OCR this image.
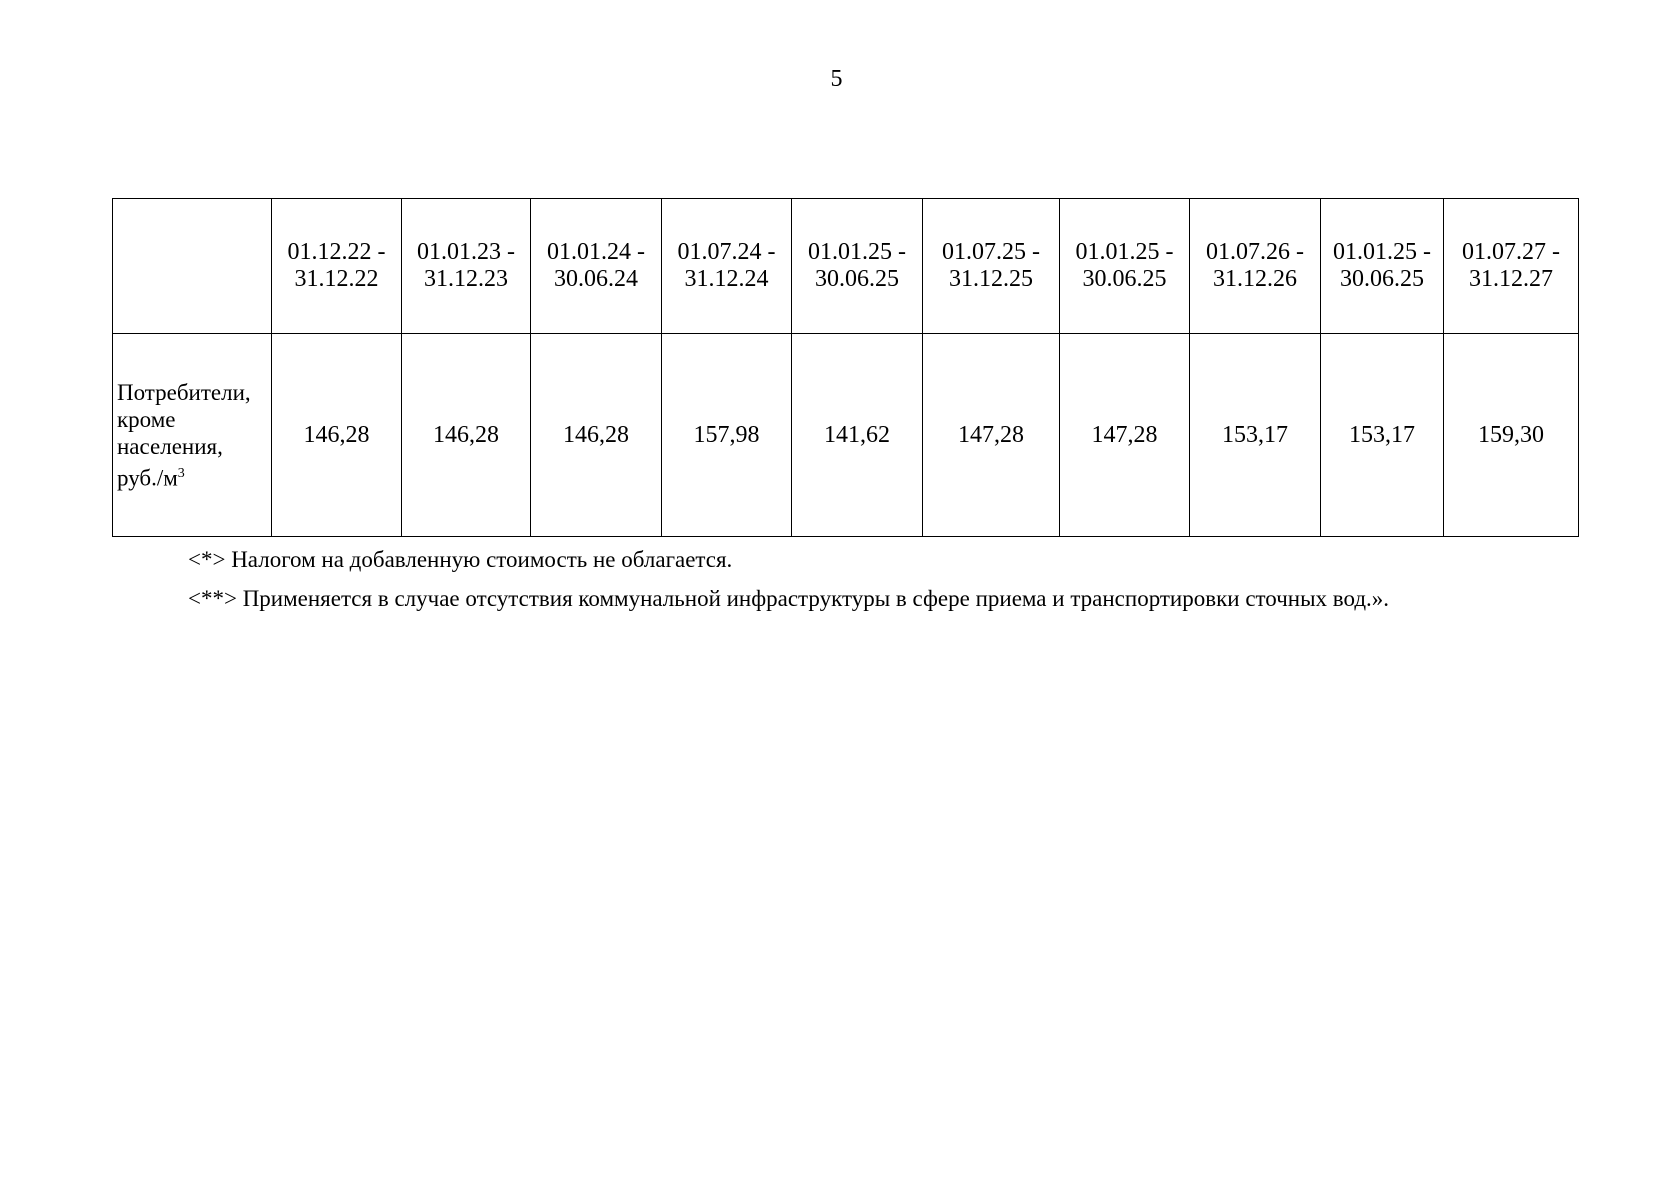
5

	01.12.22 -
31.12.22	01.01.23 -
31.12.23	01.01.24 -
30.06.24	01.07.24 -
31.12.24	01.01.25 -
30.06.25	01.07.25 -
31.12.25	01.01.25 -
30.06.25	01.07.26 -
31.12.26	01.01.25 -
30.06.25	01.07.27 -
31.12.27

Потребители,
кроме
населения,
$руб./м^3$	146,28	146,28	146,28	157,98	141,62	147,28	147,28	153,17	153,17	159,30

<*> Налогом на добавленную стоимость не облагается.

<**> Применяется в случае отсутствия коммунальной инфраструктуры в сфере приема и транспортировки сточных вод.».
